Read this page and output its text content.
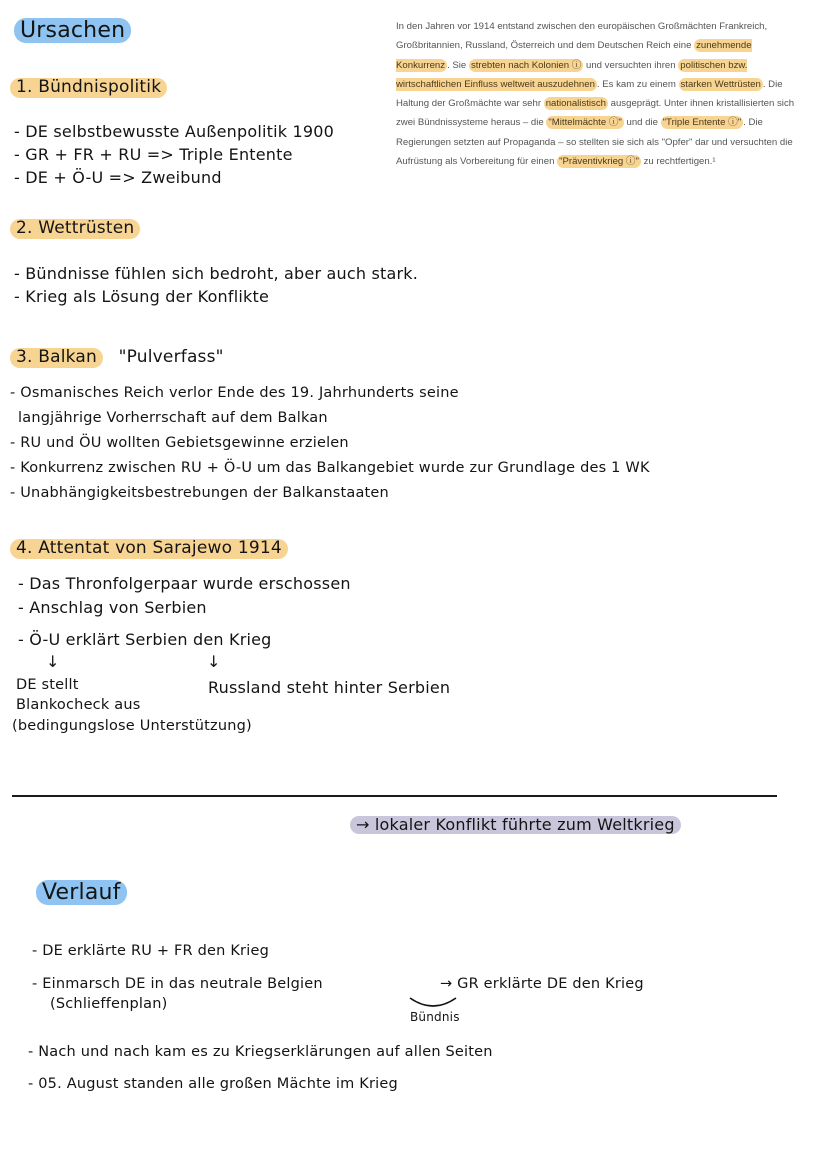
Ursachen	In den Jahren vor 1914 entstand zwischen den europäischen Großmächten Frankreich, Großbritannien, Russland, Österreich und dem Deutschen Reich eine zunehmende Konkurrenz . Sie strebten nach Kolonien ⓘ und versuchten ihren politischen bzw. wirtschaftlichen Einfluss weltweit auszudehnen . Es kam zu einem starken Wettrüsten . Die Haltung der Großmächte war sehr nationalistisch ausgeprägt. Unter ihnen kristallisierten sich zwei Bündnissysteme heraus – die "Mittelmächte ⓘ" und die "Triple Entente ⓘ" . Die Regierungen setzten auf Propaganda – so stellten sie sich als "Opfer" dar und versuchten die Aufrüstung als Vorbereitung für einen "Präventivkrieg ⓘ" zu rechtfertigen.¹
1. Bündnispolitik
- DE selbstbewusste Außenpolitik 1900
- GR + FR + RU => Triple Entente
- DE + Ö-U => Zweibund
2. Wettrüsten
- Bündnisse fühlen sich bedroht, aber auch stark.
- Krieg als Lösung der Konflikte
3. Balkan "Pulverfass"
- Osmanisches Reich verlor Ende des 19. Jahrhunderts seine
langjährige Vorherrschaft auf dem Balkan
- RU und ÖU wollten Gebietsgewinne erzielen
- Konkurrenz zwischen RU + Ö-U um das Balkangebiet wurde zur Grundlage des 1 WK
- Unabhängigkeitsbestrebungen der Balkanstaaten
4. Attentat von Sarajewo 1914
- Das Thronfolgerpaar wurde erschossen
- Anschlag von Serbien
- Ö-U erklärt Serbien den Krieg
↓	↓
DE stellt
Blankocheck aus
(bedingungslose Unterstützung)
Russland steht hinter Serbien
→ lokaler Konflikt führte zum Weltkrieg
Verlauf
- DE erklärte RU + FR den Krieg
- Einmarsch DE in das neutrale Belgien
(Schlieffenplan)
→ GR erklärte DE den Krieg
Bündnis
- Nach und nach kam es zu Kriegserklärungen auf allen Seiten
- 05. August standen alle großen Mächte im Krieg
